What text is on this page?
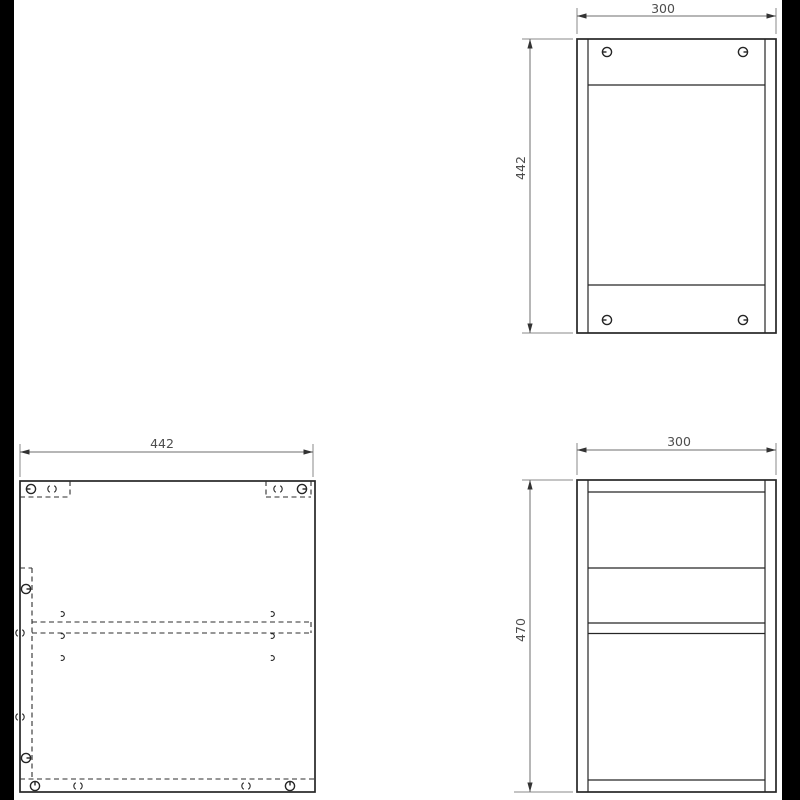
300
442
442	300
470
